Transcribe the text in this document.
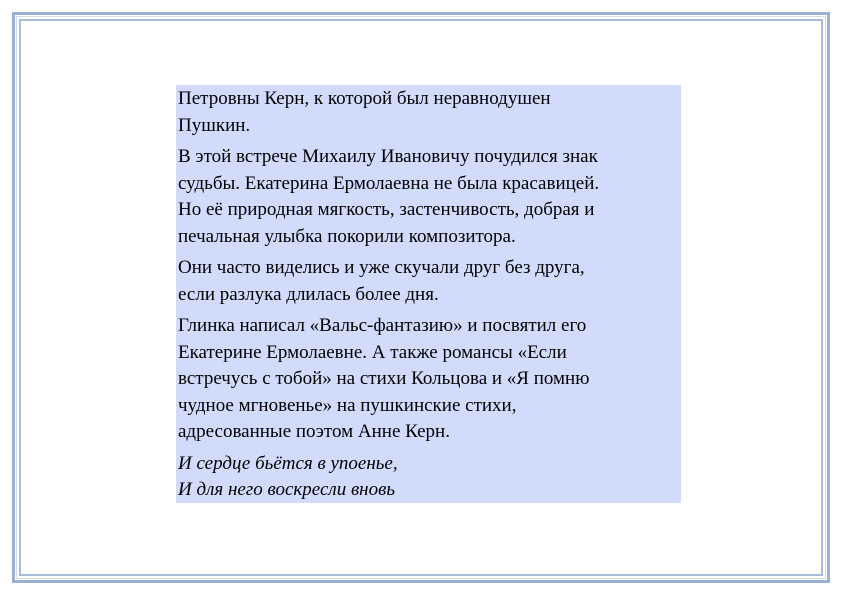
Петровны Керн, к которой был неравнодушен
Пушкин.

В этой встрече Михаилу Ивановичу почудился знак
судьбы. Екатерина Ермолаевна не была красавицей.
Но её природная мягкость, застенчивость, добрая и
печальная улыбка покорили композитора.

Они часто виделись и уже скучали друг без друга,
если разлука длилась более дня.

Глинка написал «Вальс-фантазию» и посвятил его
Екатерине Ермолаевне. А также романсы «Если
встречусь с тобой» на стихи Кольцова и «Я помню
чудное мгновенье» на пушкинские стихи,
адресованные поэтом Анне Керн.

И сердце бьётся в упоенье,
И для него воскресли вновь
